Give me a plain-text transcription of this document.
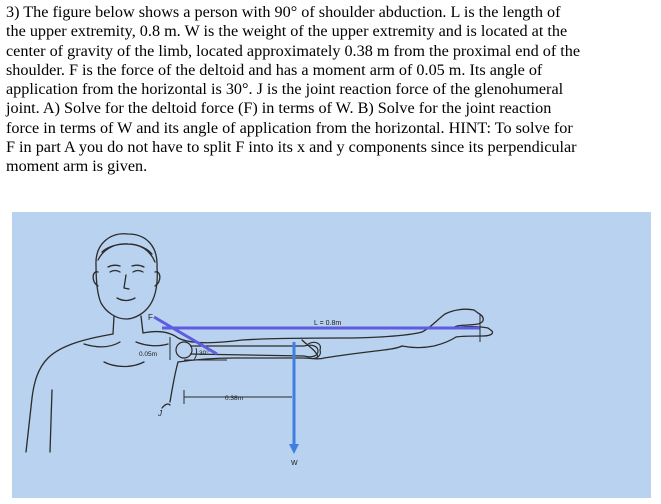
3) The figure below shows a person with 90° of shoulder abduction. L is the length of
the upper extremity, 0.8 m. W is the weight of the upper extremity and is located at the
center of gravity of the limb, located approximately 0.38 m from the proximal end of the
shoulder. F is the force of the deltoid and has a moment arm of 0.05 m. Its angle of
application from the horizontal is 30°. J is the joint reaction force of the glenohumeral
joint. A) Solve for the deltoid force (F) in terms of W. B) Solve for the joint reaction
force in terms of W and its angle of application from the horizontal. HINT: To solve for
F in part A you do not have to split F into its x and y components since its perpendicular
moment arm is given.
F
L = 0.8m
0.05m	30°
0.38m
W
J
